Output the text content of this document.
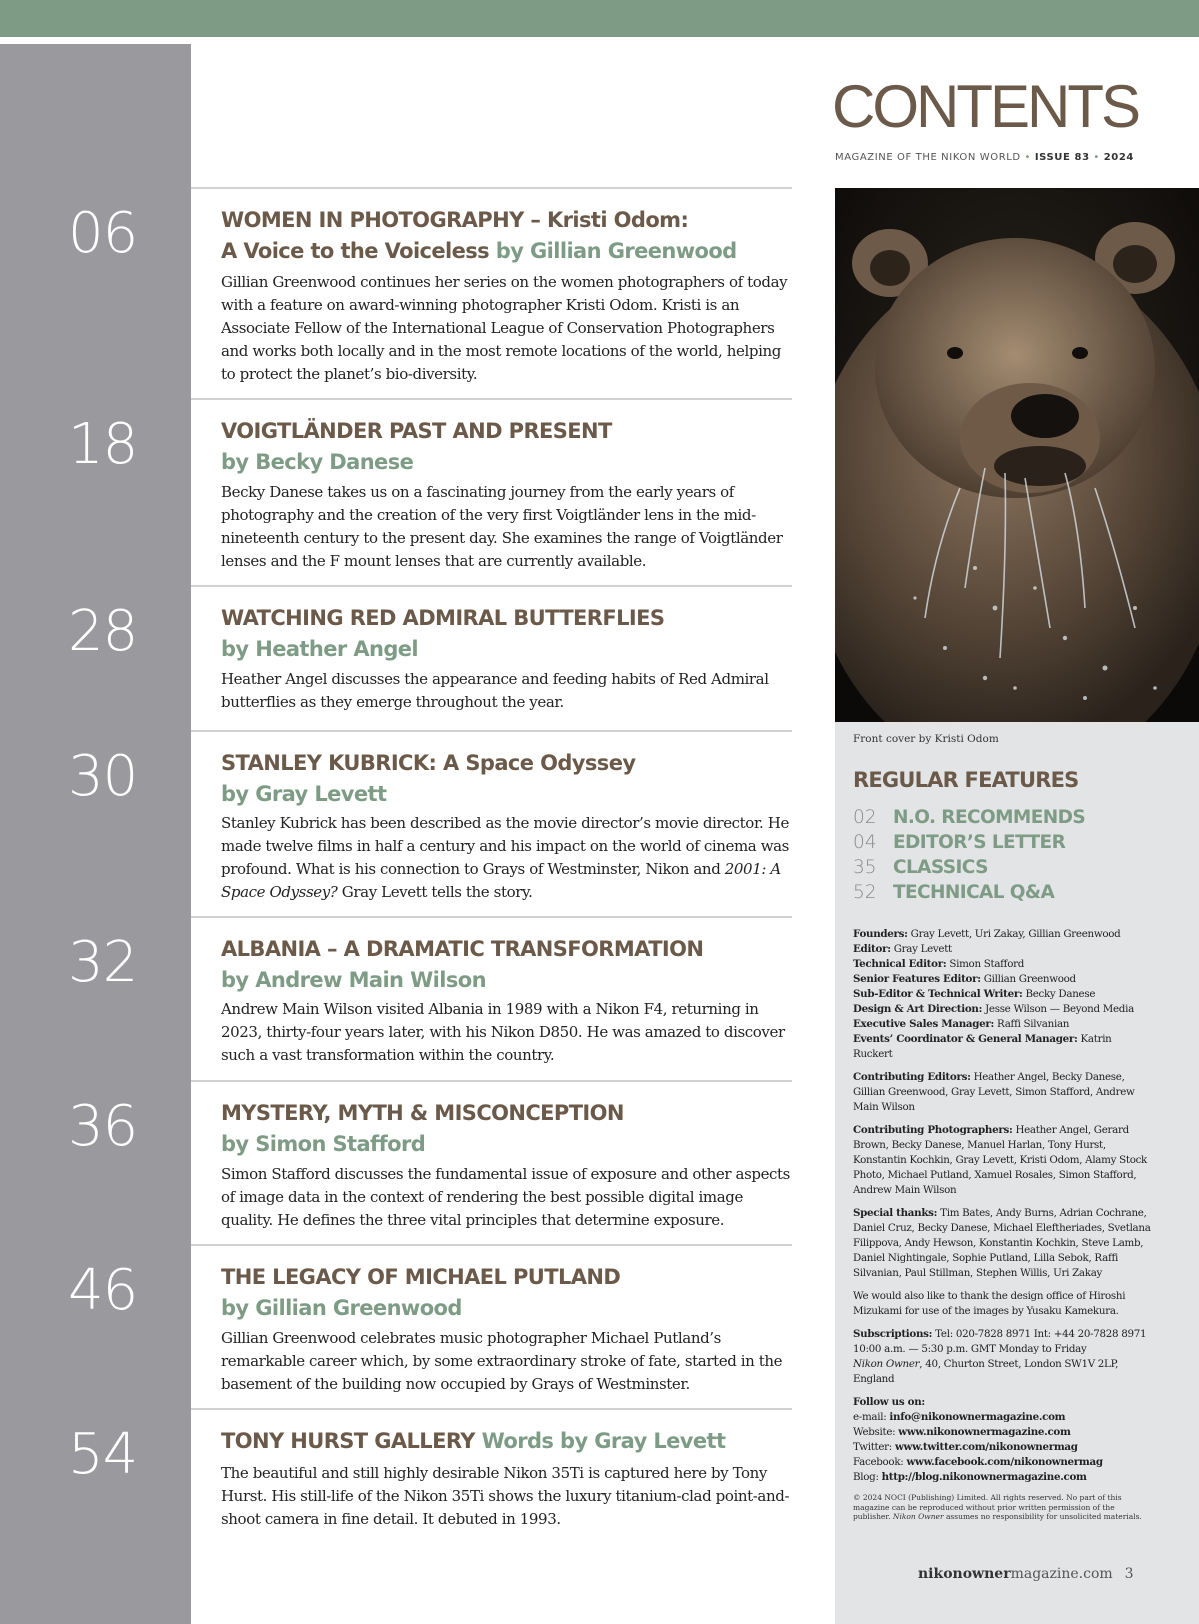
CONTENTS
MAGAZINE OF THE NIKON WORLD • ISSUE 83 • 2024
Front cover by Kristi Odom
06	WOMEN IN PHOTOGRAPHY – Kristi Odom:
A Voice to the Voiceless by Gillian Greenwood
Gillian Greenwood continues her series on the women photographers of today with a feature on award-winning photographer Kristi Odom. Kristi is an Associate Fellow of the International League of Conservation Photographers and works both locally and in the most remote locations of the world, helping to protect the planet’s bio-diversity.
18	VOIGTLÄNDER PAST AND PRESENT
by Becky Danese
Becky Danese takes us on a fascinating journey from the early years of photography and the creation of the very first Voigtländer lens in the mid-nineteenth century to the present day. She examines the range of Voigtländer lenses and the F mount lenses that are currently available.
28	WATCHING RED ADMIRAL BUTTERFLIES
by Heather Angel
Heather Angel discusses the appearance and feeding habits of Red Admiral butterflies as they emerge throughout the year.
30	STANLEY KUBRICK: A Space Odyssey
by Gray Levett
Stanley Kubrick has been described as the movie director’s movie director. He made twelve films in half a century and his impact on the world of cinema was profound. What is his connection to Grays of Westminster, Nikon and 2001: A Space Odyssey? Gray Levett tells the story.
32	ALBANIA – A DRAMATIC TRANSFORMATION
by Andrew Main Wilson
Andrew Main Wilson visited Albania in 1989 with a Nikon F4, returning in 2023, thirty-four years later, with his Nikon D850. He was amazed to discover such a vast transformation within the country.
36	MYSTERY, MYTH & MISCONCEPTION
by Simon Stafford
Simon Stafford discusses the fundamental issue of exposure and other aspects of image data in the context of rendering the best possible digital image quality. He defines the three vital principles that determine exposure.
46	THE LEGACY OF MICHAEL PUTLAND
by Gillian Greenwood
Gillian Greenwood celebrates music photographer Michael Putland’s remarkable career which, by some extraordinary stroke of fate, started in the basement of the building now occupied by Grays of Westminster.
54	TONY HURST GALLERY Words by Gray Levett
The beautiful and still highly desirable Nikon 35Ti is captured here by Tony Hurst. His still-life of the Nikon 35Ti shows the luxury titanium-clad point-and-shoot camera in fine detail. It debuted in 1993.
REGULAR FEATURES
02 N.O. RECOMMENDS
04 EDITOR’S LETTER
35 CLASSICS
52 TECHNICAL Q&A

Founders: Gray Levett, Uri Zakay, Gillian Greenwood

Editor: Gray Levett

Technical Editor: Simon Stafford

Senior Features Editor: Gillian Greenwood

Sub-Editor & Technical Writer: Becky Danese

Design & Art Direction: Jesse Wilson — Beyond Media

Executive Sales Manager: Raffi Silvanian

Events’ Coordinator & General Manager: Katrin Ruckert

Contributing Editors: Heather Angel, Becky Danese, Gillian Greenwood, Gray Levett, Simon Stafford, Andrew Main Wilson

Contributing Photographers: Heather Angel, Gerard Brown, Becky Danese, Manuel Harlan, Tony Hurst, Konstantin Kochkin, Gray Levett, Kristi Odom, Alamy Stock Photo, Michael Putland, Xamuel Rosales, Simon Stafford, Andrew Main Wilson

Special thanks: Tim Bates, Andy Burns, Adrian Cochrane, Daniel Cruz, Becky Danese, Michael Eleftheriades, Svetlana Filippova, Andy Hewson, Konstantin Kochkin, Steve Lamb, Daniel Nightingale, Sophie Putland, Lilla Sebok, Raffi Silvanian, Paul Stillman, Stephen Willis, Uri Zakay

We would also like to thank the design office of Hiroshi Mizukami for use of the images by Yusaku Kamekura.

Subscriptions: Tel: 020-7828 8971 Int: +44 20-7828 8971

10:00 a.m. — 5:30 p.m. GMT Monday to Friday

Nikon Owner, 40, Churton Street, London SW1V 2LP, England

Follow us on:

e-mail: info@nikonownermagazine.com

Website: www.nikonownermagazine.com

Twitter: www.twitter.com/nikonownermag

Facebook: www.facebook.com/nikonownermag

Blog: http://blog.nikonownermagazine.com

© 2024 NOCI (Publishing) Limited. All rights reserved. No part of this magazine can be reproduced without prior written permission of the publisher. Nikon Owner assumes no responsibility for unsolicited materials.

nikonownermagazine.com 3
